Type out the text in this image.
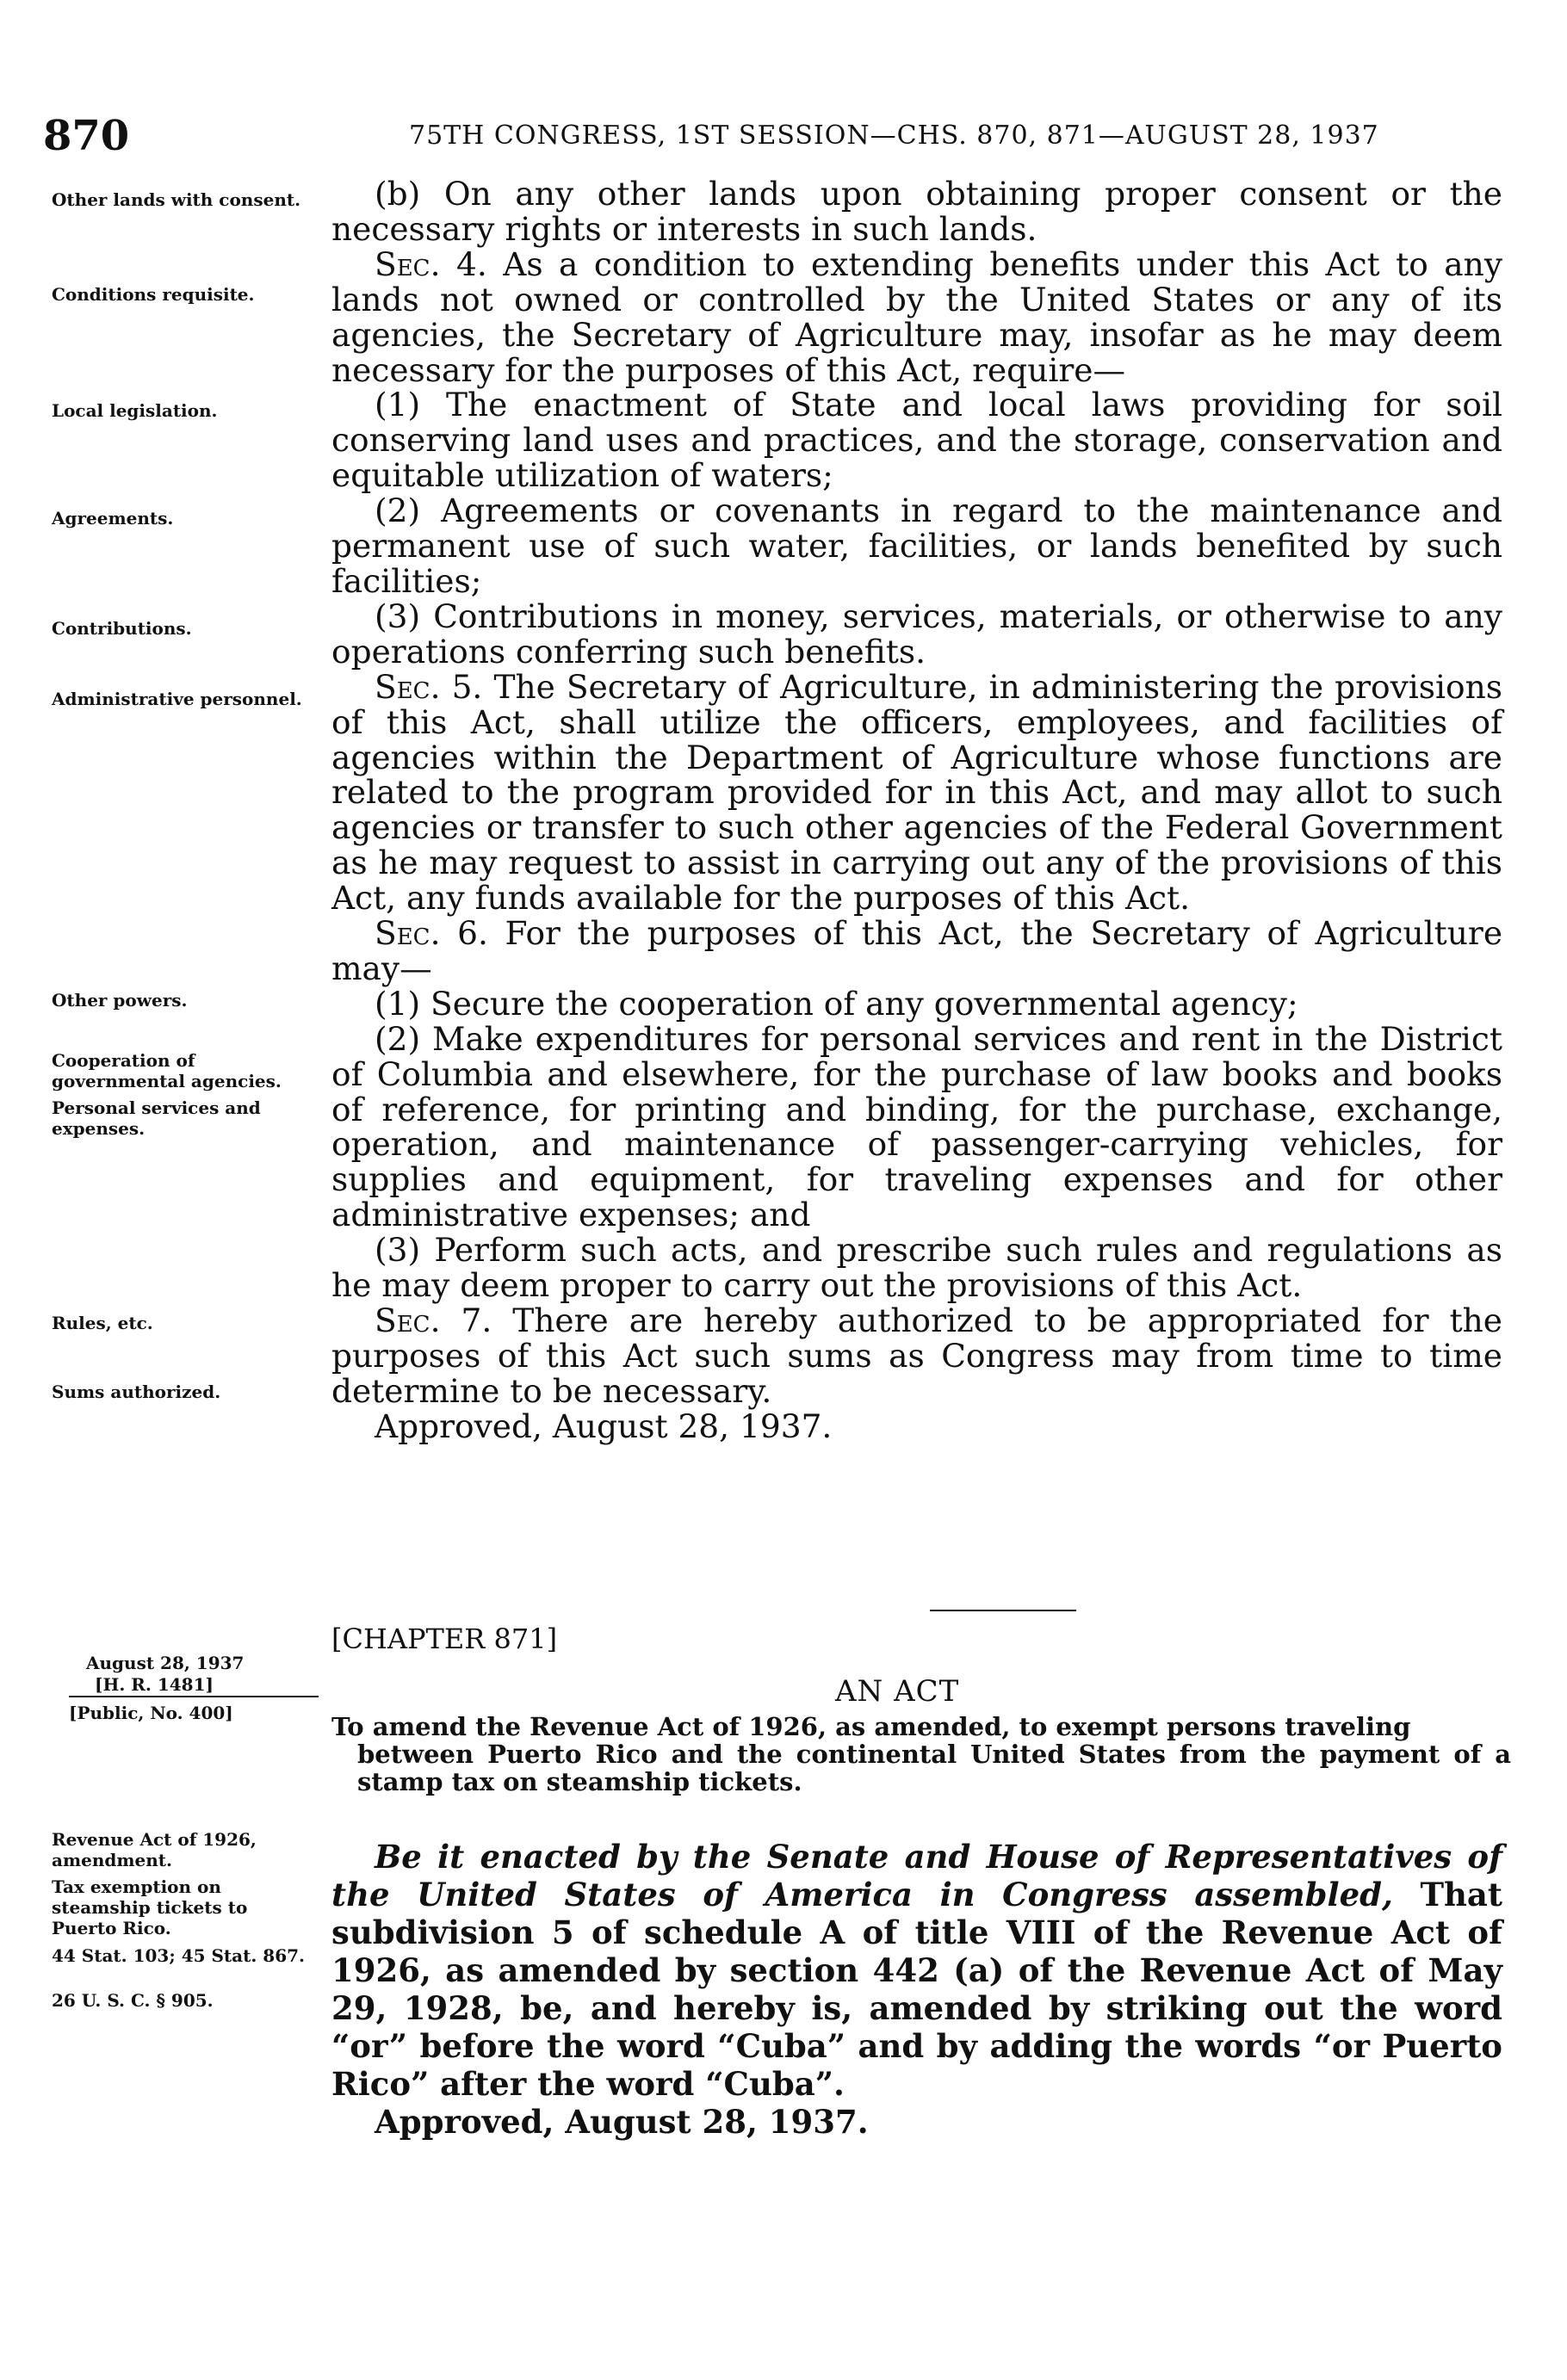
870	75TH CONGRESS, 1ST SESSION—CHS. 870, 871—AUGUST 28, 1937
Other lands with consent.
Conditions requisite.
Local legislation.
Agreements.
Contributions.
Administrative personnel.
Other powers.
Cooperation of governmental agencies.
Personal services and expenses.
Rules, etc.
Sums authorized.
August 28, 1937
[H. R. 1481]
[Public, No. 400]
Revenue Act of 1926, amendment.
Tax exemption on steamship tickets to Puerto Rico.
44 Stat. 103; 45 Stat. 867.
26 U. S. C. § 905.

(b) On any other lands upon obtaining proper consent or the necessary rights or interests in such lands.

Sec. 4. As a condition to extending benefits under this Act to any lands not owned or controlled by the United States or any of its agencies, the Secretary of Agriculture may, insofar as he may deem necessary for the purposes of this Act, require—

(1) The enactment of State and local laws providing for soil conserving land uses and practices, and the storage, conservation and equitable utilization of waters;

(2) Agreements or covenants in regard to the maintenance and permanent use of such water, facilities, or lands benefited by such facilities;

(3) Contributions in money, services, materials, or otherwise to any operations conferring such benefits.

Sec. 5. The Secretary of Agriculture, in administering the provisions of this Act, shall utilize the officers, employees, and facilities of agencies within the Department of Agriculture whose functions are related to the program provided for in this Act, and may allot to such agencies or transfer to such other agencies of the Federal Government as he may request to assist in carrying out any of the provisions of this Act, any funds available for the purposes of this Act.

Sec. 6. For the purposes of this Act, the Secretary of Agriculture may—

(1) Secure the cooperation of any governmental agency;

(2) Make expenditures for personal services and rent in the District of Columbia and elsewhere, for the purchase of law books and books of reference, for printing and binding, for the purchase, exchange, operation, and maintenance of passenger-carrying vehicles, for supplies and equipment, for traveling expenses and for other administrative expenses; and

(3) Perform such acts, and prescribe such rules and regulations as he may deem proper to carry out the provisions of this Act.

Sec. 7. There are hereby authorized to be appropriated for the purposes of this Act such sums as Congress may from time to time determine to be necessary.

Approved, August 28, 1937.

[CHAPTER 871]
AN ACT
To amend the Revenue Act of 1926, as amended, to exempt persons traveling
between Puerto Rico and the continental United States from the payment of a stamp tax on steamship tickets.

Be it enacted by the Senate and House of Representatives of the United States of America in Congress assembled, That subdivision 5 of schedule A of title VIII of the Revenue Act of 1926, as amended by section 442 (a) of the Revenue Act of May 29, 1928, be, and hereby is, amended by striking out the word “or” before the word “Cuba” and by adding the words “or Puerto Rico” after the word “Cuba”.

Approved, August 28, 1937.
